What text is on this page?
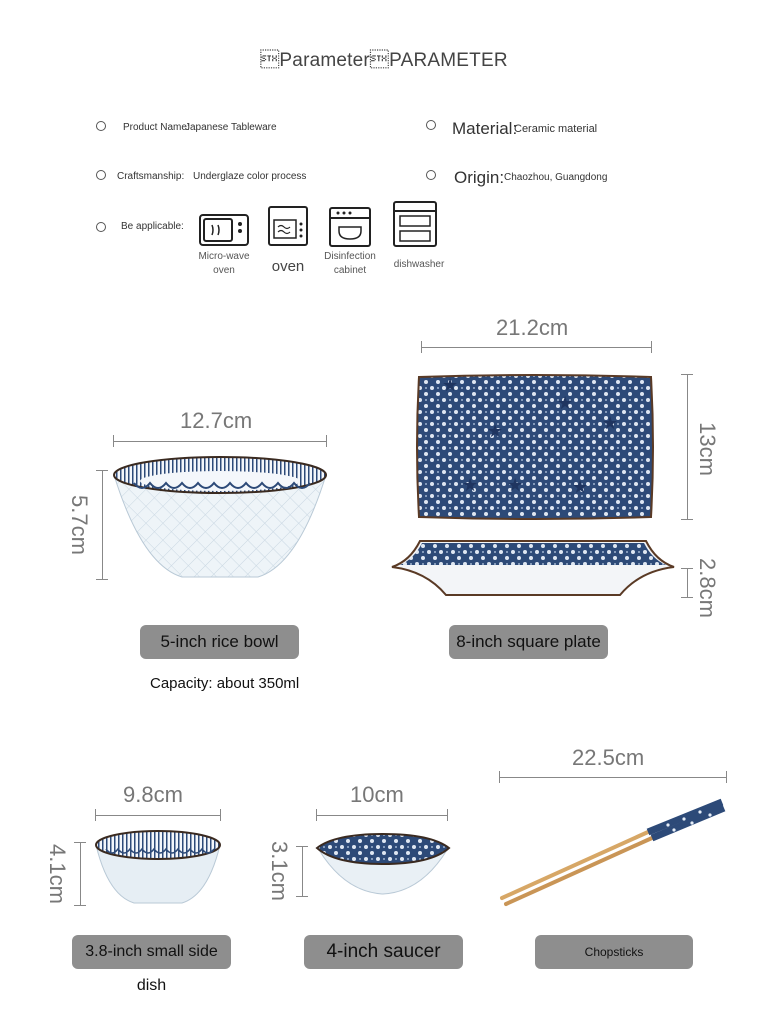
ParameterPARAMETER
Product Name:
Japanese Tableware	Material:
Ceramic material
Craftsmanship: Underglaze color process	Origin: Chaozhou, Guangdong
Be applicable:
Micro-wave
oven	oven
Disinfection
cabinet
dishwasher
12.7cm
5.7cm
5-inch rice bowl
Capacity: about 350ml
21.2cm
★
★
★
★
★	★
★
13cm
2.8cm
8-inch square plate
9.8cm
4.1cm
3.8-inch small side dish
10cm
3.1cm
4-inch saucer
22.5cm
Chopsticks
